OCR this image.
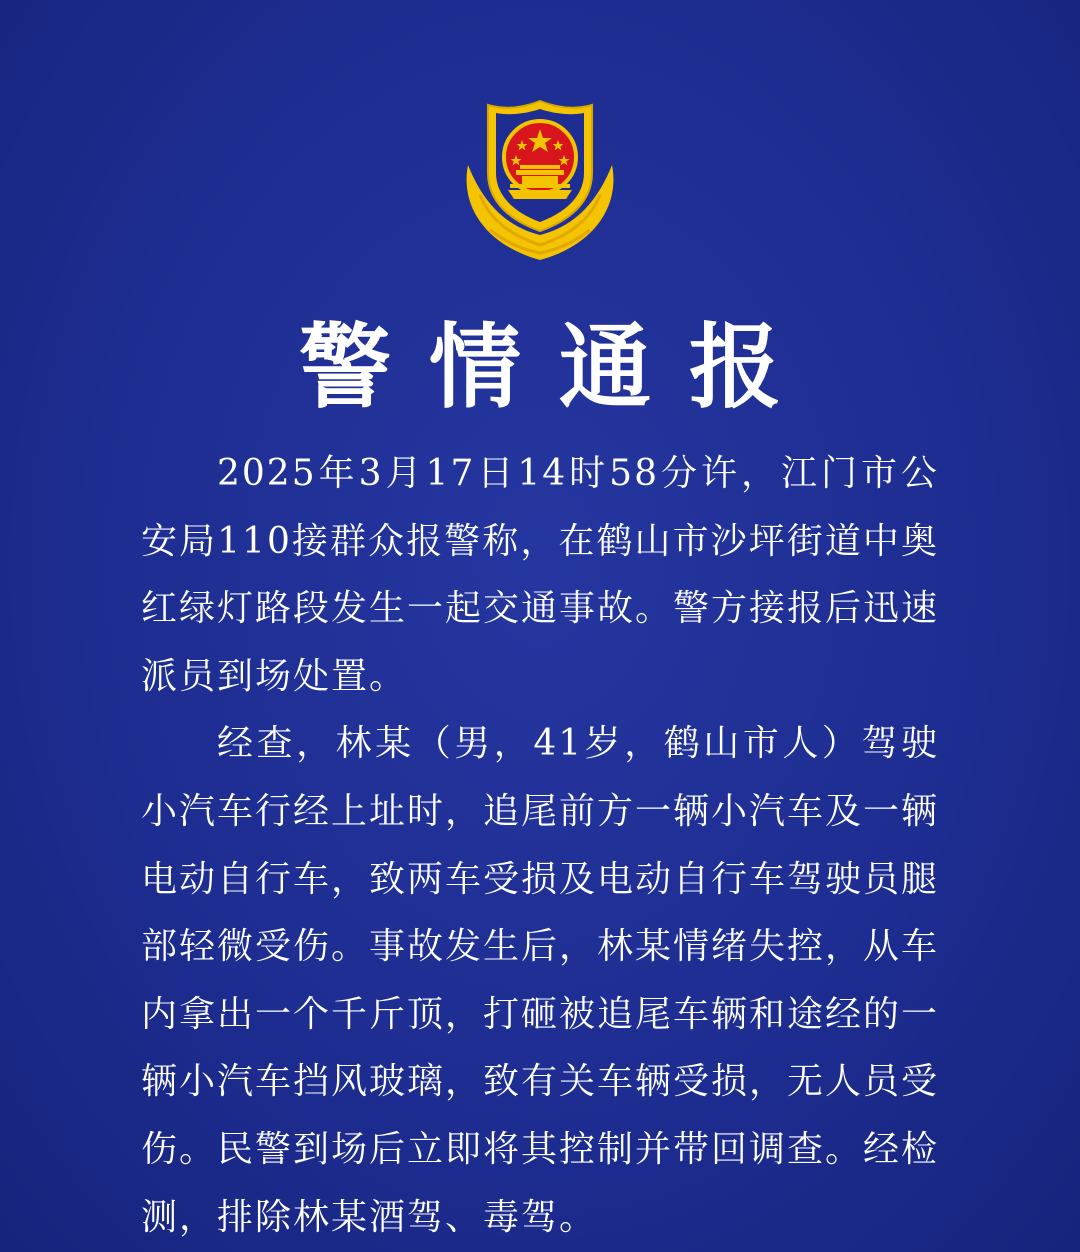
警情通报

2025年3月17日14时58分许，江门市公安局110接群众报警称，在鹤山市沙坪街道中奥红绿灯路段发生一起交通事故。警方接报后迅速派员到场处置。

经查，林某（男，41岁，鹤山市人）驾驶小汽车行经上址时，追尾前方一辆小汽车及一辆电动自行车，致两车受损及电动自行车驾驶员腿部轻微受伤。事故发生后，林某情绪失控，从车内拿出一个千斤顶，打砸被追尾车辆和途经的一辆小汽车挡风玻璃，致有关车辆受损，无人员受伤。民警到场后立即将其控制并带回调查。经检测，排除林某酒驾、毒驾。
